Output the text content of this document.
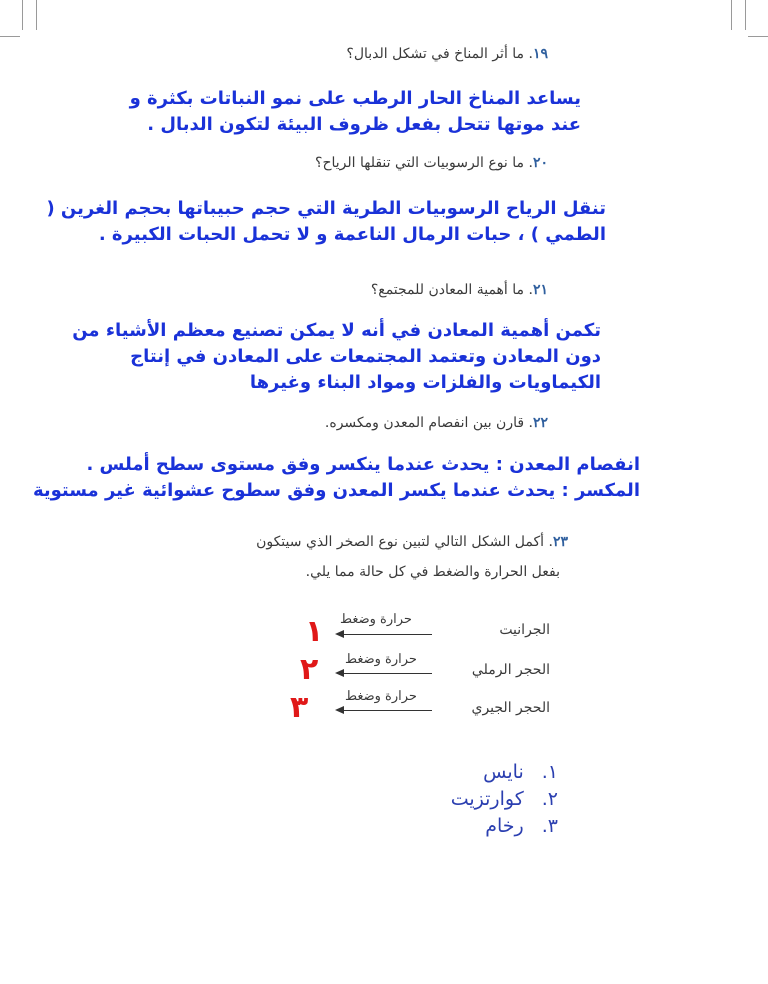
١٩. ما أثر المناخ في تشكل الدبال؟
يساعد المناخ الحار الرطب على نمو النباتات بكثرة و
عند موتها تتحل بفعل ظروف البيئة لتكون الدبال .
٢٠. ما نوع الرسوبيات التي تنقلها الرياح؟
تنقل الرياح الرسوبيات الطرية التي حجم حبيباتها بحجم الغرين (
الطمي ) ، حبات الرمال الناعمة و لا تحمل الحبات الكبيرة .
٢١. ما أهمية المعادن للمجتمع؟
تكمن أهمية المعادن في أنه لا يمكن تصنيع معظم الأشياء من
دون المعادن وتعتمد المجتمعات على المعادن في إنتاج
الكيماويات والفلزات ومواد البناء وغيرها
٢٢. قارن بين انفصام المعدن ومكسره.
انفصام المعدن : يحدث عندما ينكسر وفق مستوى سطح أملس .
المكسر : يحدث عندما يكسر المعدن وفق سطوح عشوائية غير مستوية
٢٣. أكمل الشكل التالي لتبين نوع الصخر الذي سيتكون
بفعل الحرارة والضغط في كل حالة مما يلي.
الجرانيت
حرارة وضغط
١
الحجر الرملي
حرارة وضغط
٢
الحجر الجيري
حرارة وضغط
٣
١.
نايس
٢.
كوارتزيت
٣.
رخام
